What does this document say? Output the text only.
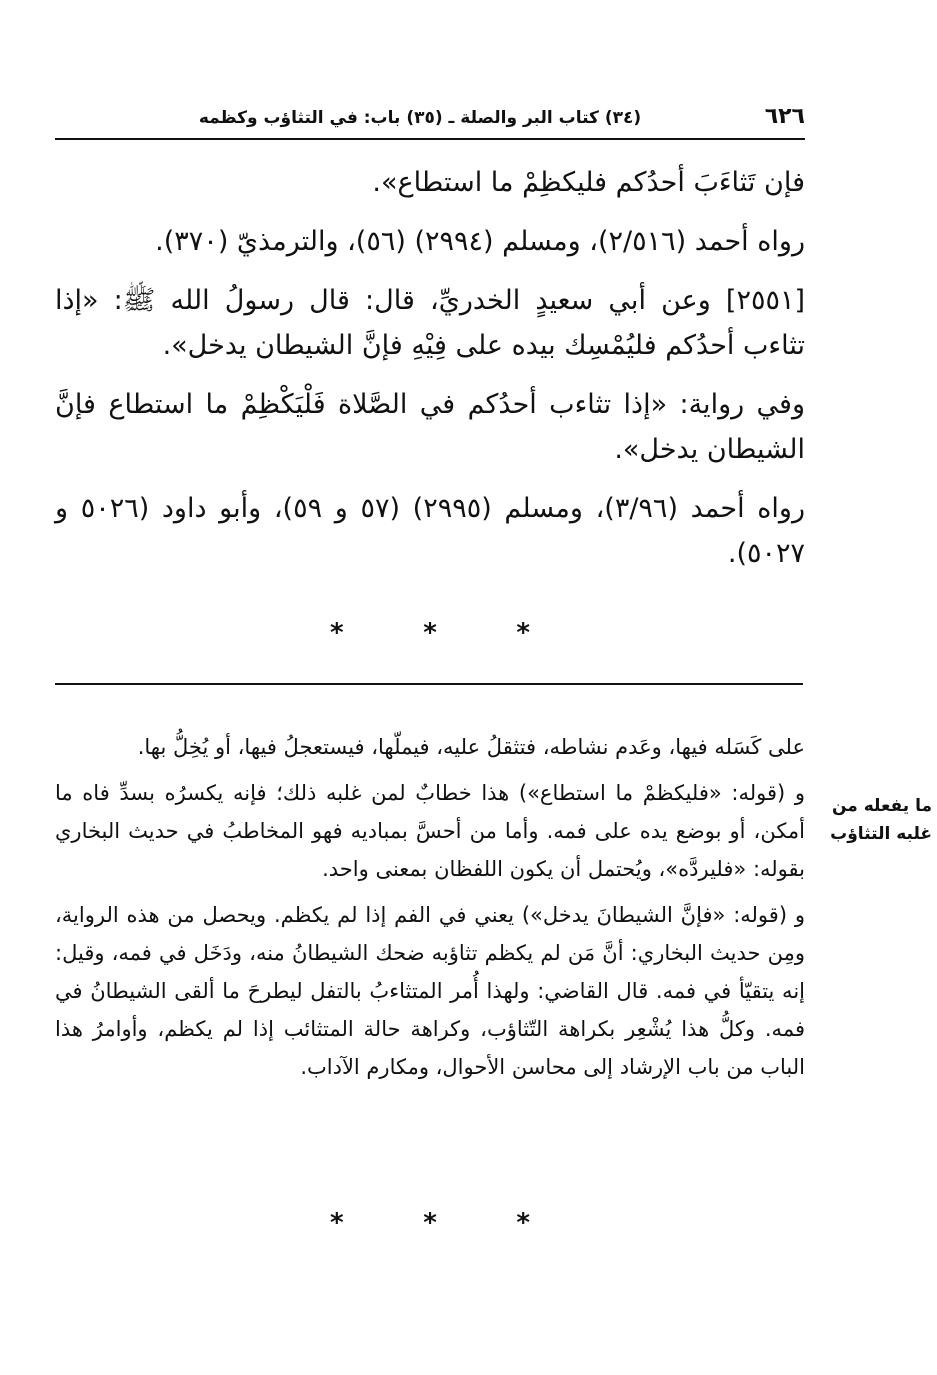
٦٢٦
(٣٤) كتاب البر والصلة ـ (٣٥) باب: في التثاؤب وكظمه

فإن تَثاءَبَ أحدُكم فليكظِمْ ما استطاع».

رواه أحمد (٢/٥١٦)، ومسلم (٢٩٩٤) (٥٦)، والترمذيّ (٣٧٠).

[٢٥٥١] وعن أبي سعيدٍ الخدريِّ، قال: قال رسولُ الله ﷺ: «إذا تثاءب أحدُكم فليُمْسِك بيده على فِيْهِ فإنَّ الشيطان يدخل».

وفي رواية: «إذا تثاءب أحدُكم في الصَّلاة فَلْيَكْظِمْ ما استطاع فإنَّ الشيطان يدخل».

رواه أحمد (٣/٩٦)، ومسلم (٢٩٩٥) (٥٧ و ٥٩)، وأبو داود (٥٠٢٦ و ٥٠٢٧).

*	*	*
ما يفعله من غلبه التثاؤب

على كَسَله فيها، وعَدم نشاطه، فتثقلُ عليه، فيملّها، فيستعجلُ فيها، أو يُخِلُّ بها.

و (قوله: «فليكظمْ ما استطاع») هذا خطابٌ لمن غلبه ذلك؛ فإنه يكسرُه بسدِّ فاه ما أمكن، أو بوضع يده على فمه. وأما من أحسَّ بمباديه فهو المخاطبُ في حديث البخاري بقوله: «فليردَّه»، ويُحتمل أن يكون اللفظان بمعنى واحد.

و (قوله: «فإنَّ الشيطانَ يدخل») يعني في الفم إذا لم يكظم. ويحصل من هذه الرواية، ومِن حديث البخاري: أنَّ مَن لم يكظم تثاؤبه ضحك الشيطانُ منه، ودَخَل في فمه، وقيل: إنه يتقيّأ في فمه. قال القاضي: ولهذا أُمر المتثاءبُ بالتفل ليطرحَ ما ألقى الشيطانُ في فمه. وكلُّ هذا يُشْعِر بكراهة التّثاؤب، وكراهة حالة المتثائب إذا لم يكظم، وأوامرُ هذا الباب من باب الإرشاد إلى محاسن الأحوال، ومكارم الآداب.

*	*	*
